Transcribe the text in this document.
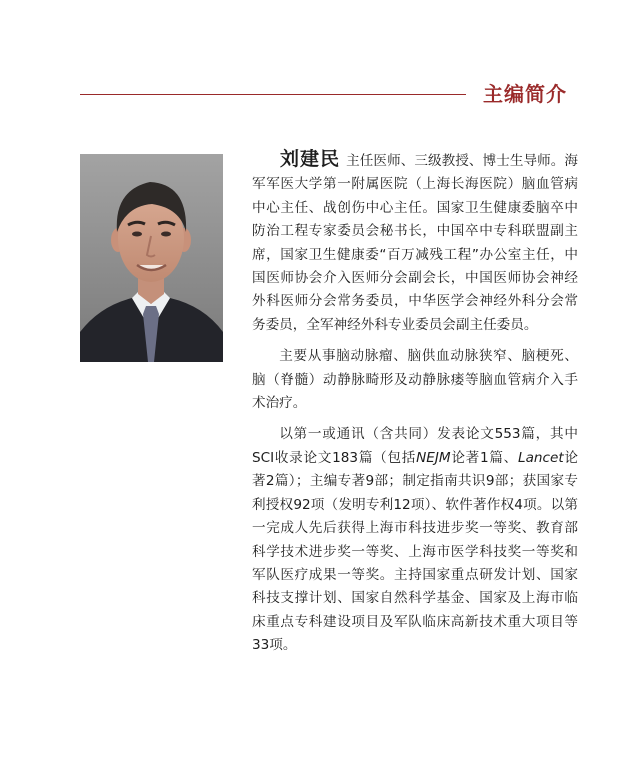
主编简介

刘建民 主任医师、三级教授、博士生导师。海军军医大学第一附属医院（上海长海医院）脑血管病中心主任、战创伤中心主任。国家卫生健康委脑卒中防治工程专家委员会秘书长，中国卒中专科联盟副主席，国家卫生健康委“百万减残工程”办公室主任，中国医师协会介入医师分会副会长，中国医师协会神经外科医师分会常务委员，中华医学会神经外科分会常务委员，全军神经外科专业委员会副主任委员。

主要从事脑动脉瘤、脑供血动脉狭窄、脑梗死、脑（脊髓）动静脉畸形及动静脉瘘等脑血管病介入手术治疗。

以第一或通讯（含共同）发表论文553篇，其中SCI收录论文183篇（包括NEJM论著1篇、Lancet论著2篇）；主编专著9部；制定指南共识9部；获国家专利授权92项（发明专利12项）、软件著作权4项。以第一完成人先后获得上海市科技进步奖一等奖、教育部科学技术进步奖一等奖、上海市医学科技奖一等奖和军队医疗成果一等奖。主持国家重点研发计划、国家科技支撑计划、国家自然科学基金、国家及上海市临床重点专科建设项目及军队临床高新技术重大项目等33项。
